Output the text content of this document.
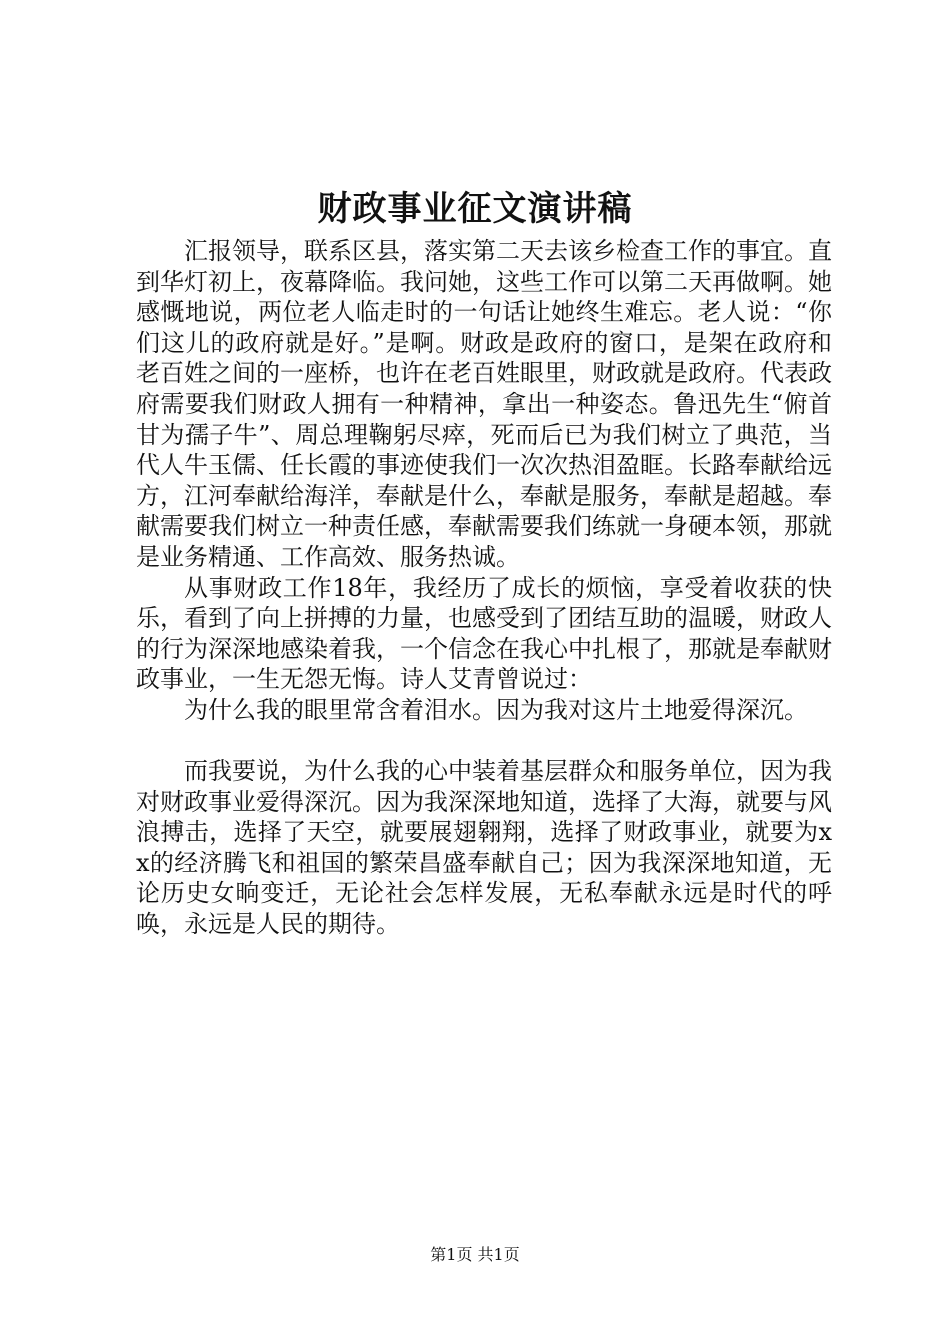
财政事业征文演讲稿

汇报领导，联系区县，落实第二天去该乡检查工作的事宜。直到华灯初上，夜幕降临。我问她，这些工作可以第二天再做啊。她感慨地说，两位老人临走时的一句话让她终生难忘。老人说：“你们这儿的政府就是好。”是啊。财政是政府的窗口，是架在政府和老百姓之间的一座桥，也许在老百姓眼里，财政就是政府。代表政府需要我们财政人拥有一种精神，拿出一种姿态。鲁迅先生“俯首甘为孺子牛”、周总理鞠躬尽瘁，死而后已为我们树立了典范，当代人牛玉儒、任长霞的事迹使我们一次次热泪盈眶。长路奉献给远方，江河奉献给海洋，奉献是什么，奉献是服务，奉献是超越。奉献需要我们树立一种责任感，奉献需要我们练就一身硬本领，那就是业务精通、工作高效、服务热诚。

从事财政工作18年，我经历了成长的烦恼，享受着收获的快乐，看到了向上拼搏的力量，也感受到了团结互助的温暖，财政人的行为深深地感染着我，一个信念在我心中扎根了，那就是奉献财政事业，一生无怨无悔。诗人艾青曾说过：

为什么我的眼里常含着泪水。因为我对这片土地爱得深沉。

而我要说，为什么我的心中装着基层群众和服务单位，因为我对财政事业爱得深沉。因为我深深地知道，选择了大海，就要与风浪搏击，选择了天空，就要展翅翱翔，选择了财政事业，就要为xx的经济腾飞和祖国的繁荣昌盛奉献自己；因为我深深地知道，无论历史女晌变迁，无论社会怎样发展，无私奉献永远是时代的呼唤，永远是人民的期待。

第1页 共1页
